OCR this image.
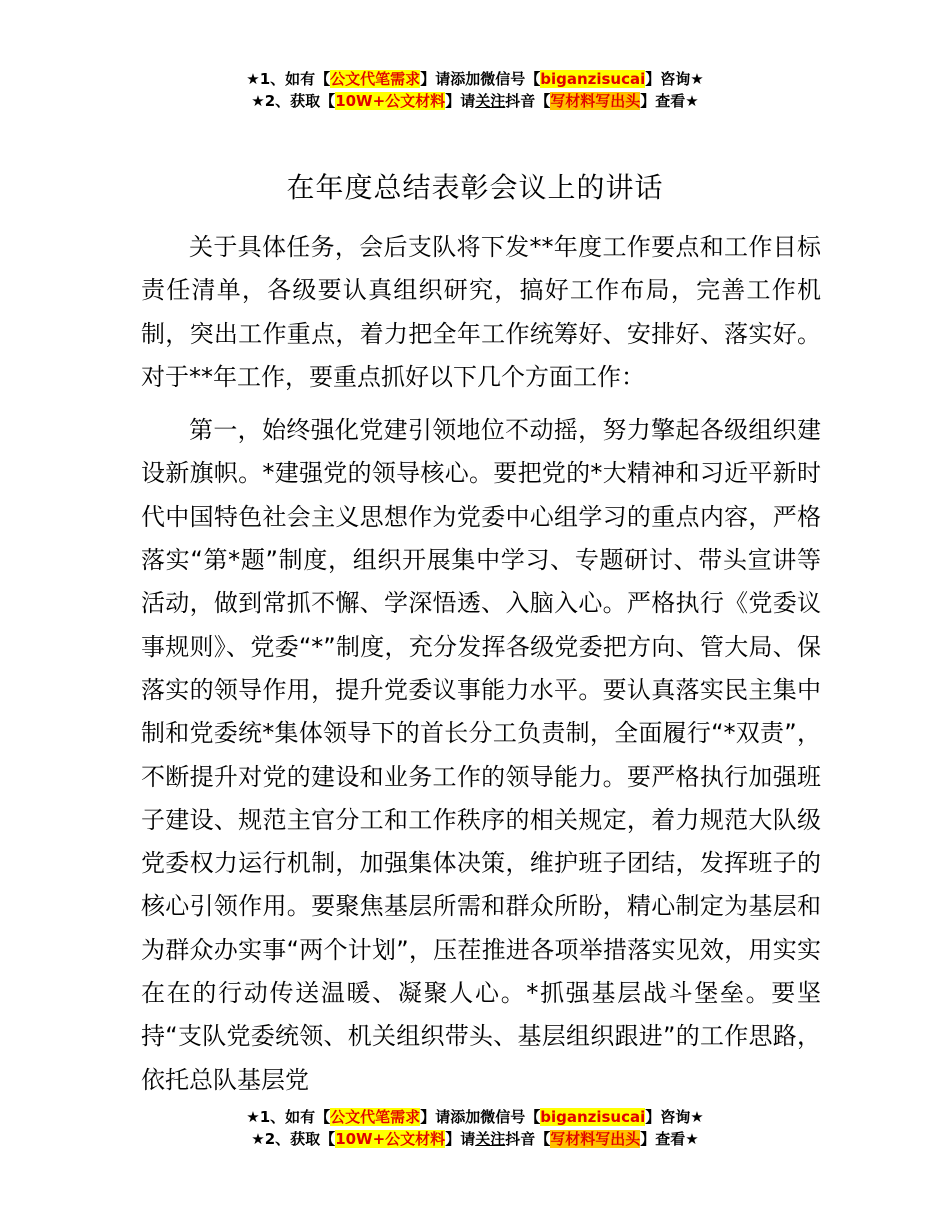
★1、如有【公文代笔需求】请添加微信号【biganzisucai】咨询★
★2、获取【10W+公文材料】请关注抖音【写材料写出头】查看★
在年度总结表彰会议上的讲话

关于具体任务，会后支队将下发**年度工作要点和工作目标责任清单，各级要认真组织研究，搞好工作布局，完善工作机制，突出工作重点，着力把全年工作统筹好、安排好、落实好。对于**年工作，要重点抓好以下几个方面工作：

第一，始终强化党建引领地位不动摇，努力擎起各级组织建设新旗帜。*建强党的领导核心。要把党的*大精神和习近平新时代中国特色社会主义思想作为党委中心组学习的重点内容，严格落实“第*题”制度，组织开展集中学习、专题研讨、带头宣讲等活动，做到常抓不懈、学深悟透、入脑入心。严格执行《党委议事规则》、党委“*”制度，充分发挥各级党委把方向、管大局、保落实的领导作用，提升党委议事能力水平。要认真落实民主集中制和党委统*集体领导下的首长分工负责制，全面履行“*双责”，不断提升对党的建设和业务工作的领导能力。要严格执行加强班子建设、规范主官分工和工作秩序的相关规定，着力规范大队级党委权力运行机制，加强集体决策，维护班子团结，发挥班子的核心引领作用。要聚焦基层所需和群众所盼，精心制定为基层和为群众办实事“两个计划”，压茬推进各项举措落实见效，用实实在在的行动传送温暖、凝聚人心。*抓强基层战斗堡垒。要坚持“支队党委统领、机关组织带头、基层组织跟进”的工作思路，依托总队基层党

★1、如有【公文代笔需求】请添加微信号【biganzisucai】咨询★
★2、获取【10W+公文材料】请关注抖音【写材料写出头】查看★
